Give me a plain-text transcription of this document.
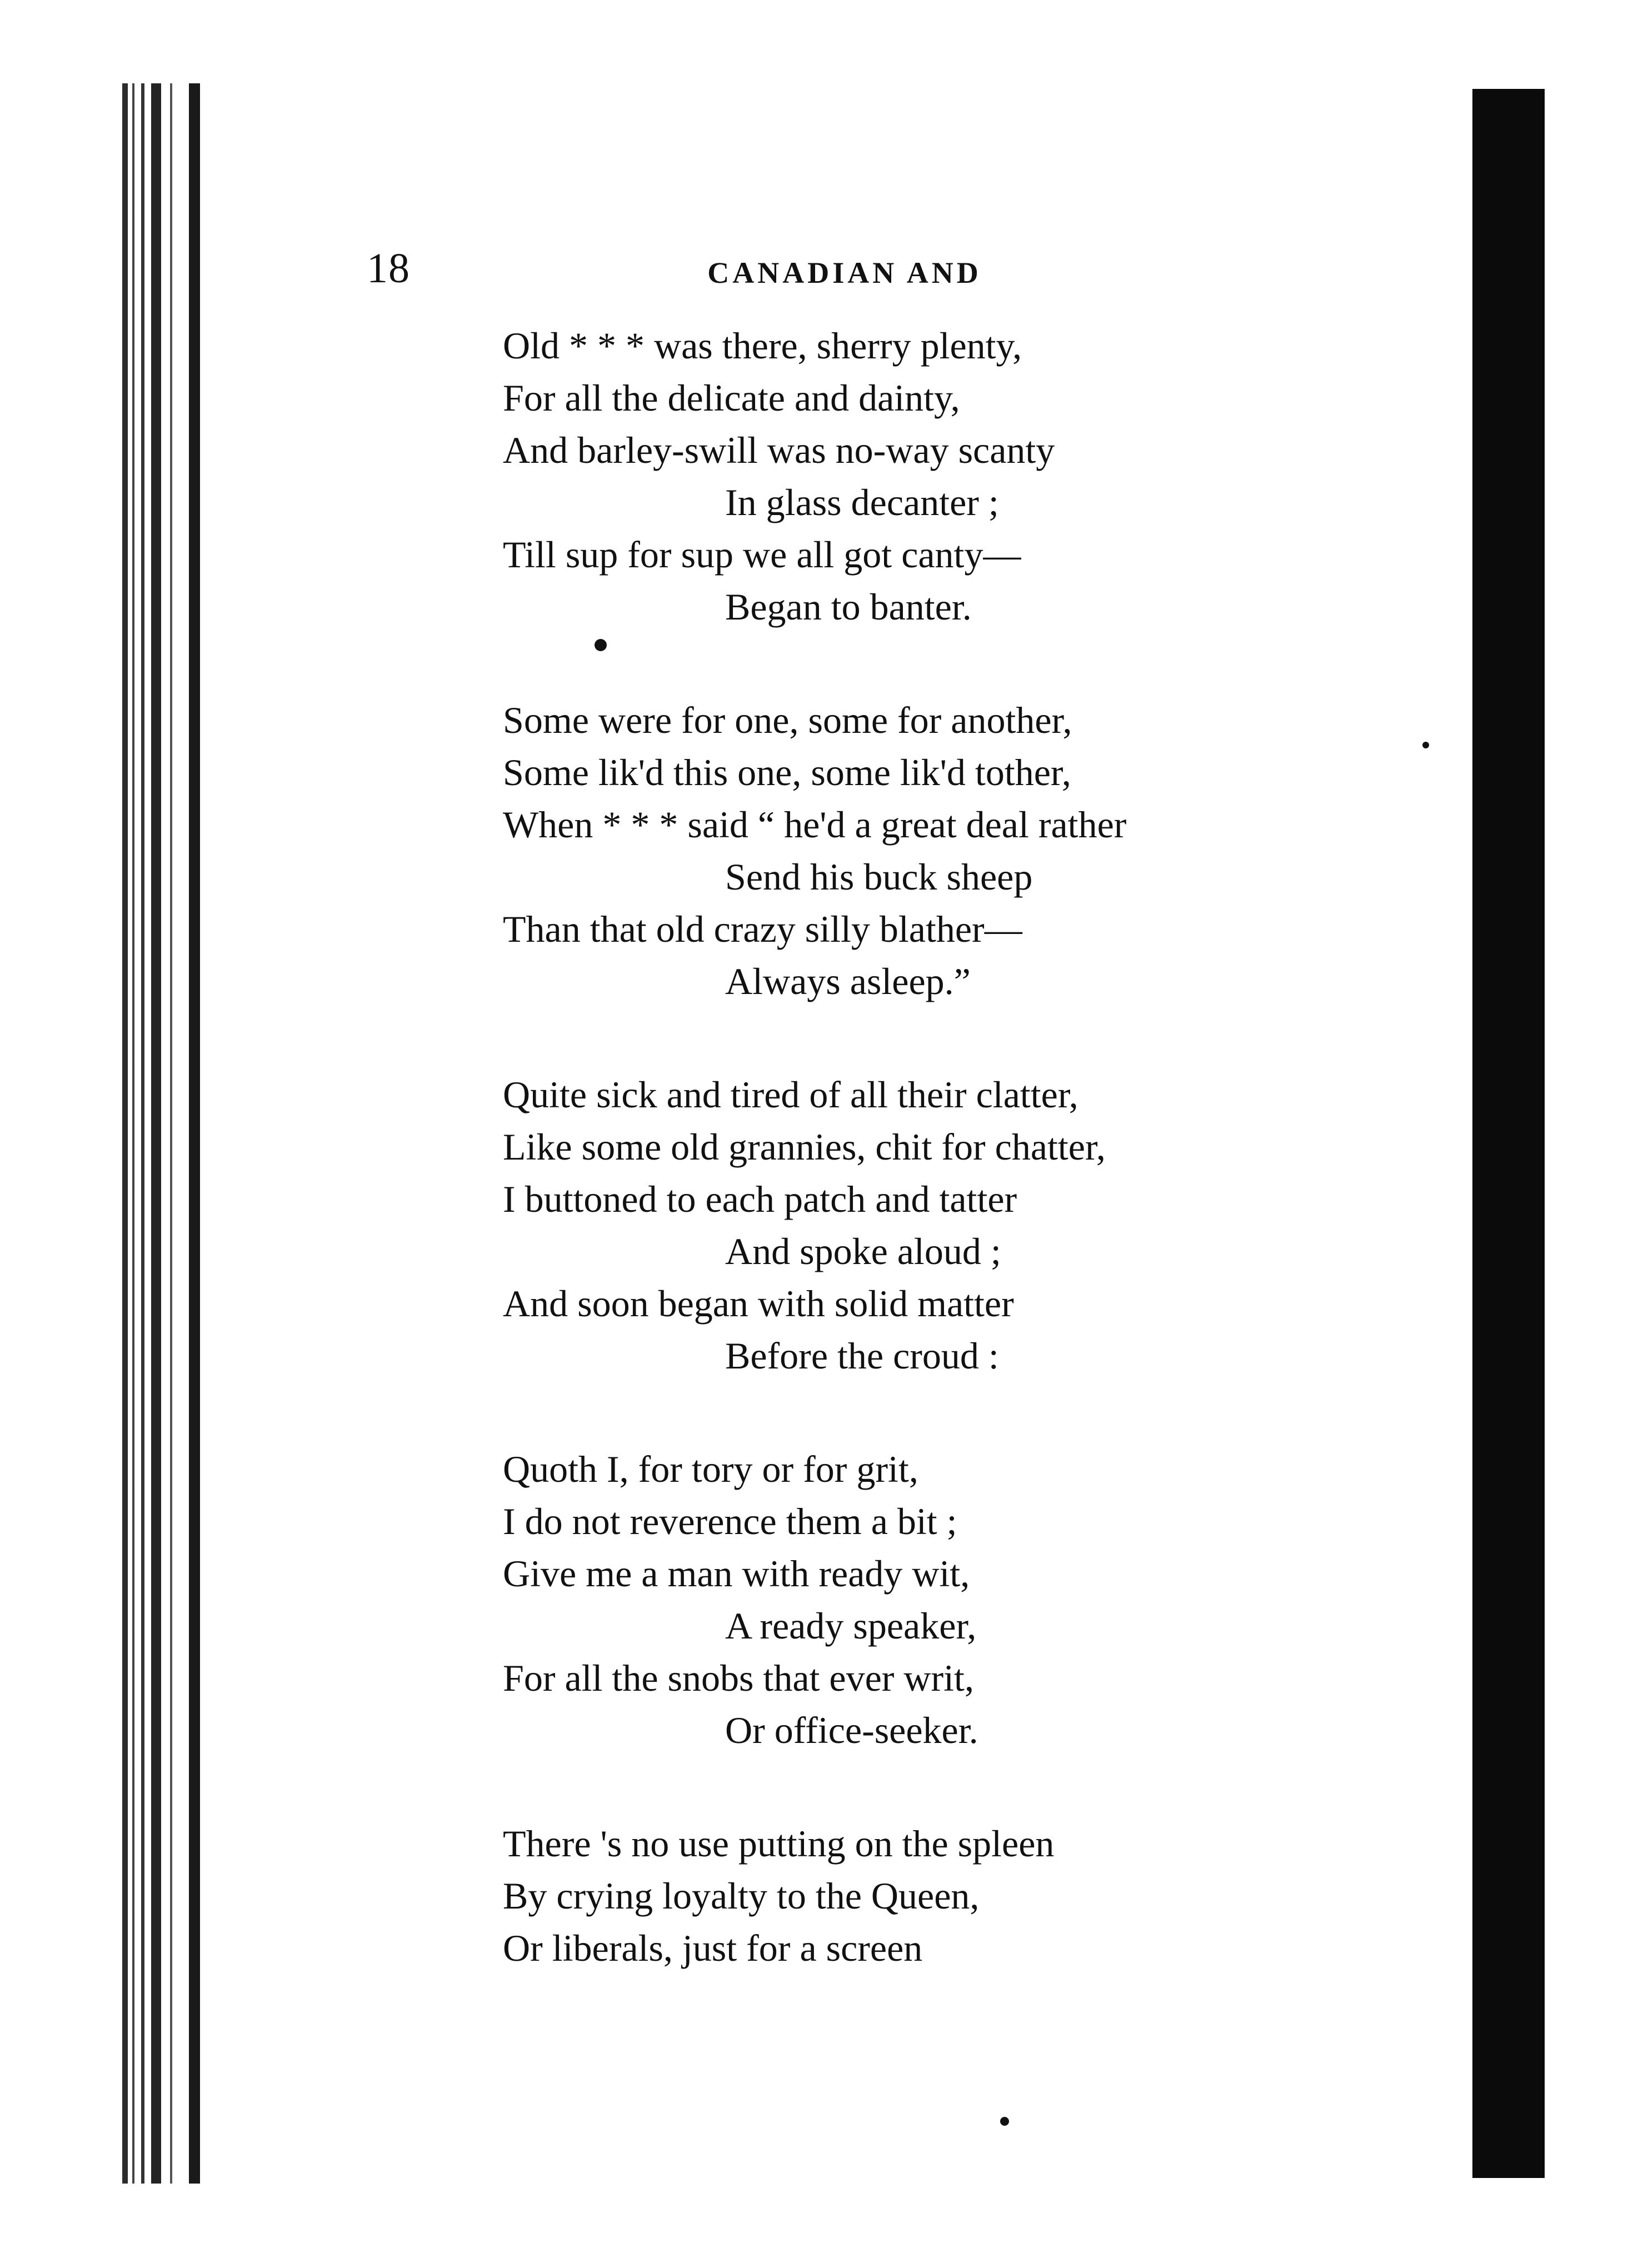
18	CANADIAN AND
Old * * * was there, sherry plenty,
For all the delicate and dainty,
And barley-swill was no-way scanty
In glass decanter ;
Till sup for sup we all got canty—
Began to banter.
Some were for one, some for another,
Some lik'd this one, some lik'd tother,
When * * * said “ he'd a great deal rather
Send his buck sheep
Than that old crazy silly blather—
Always asleep.”
Quite sick and tired of all their clatter,
Like some old grannies, chit for chatter,
I buttoned to each patch and tatter
And spoke aloud ;
And soon began with solid matter
Before the croud :
Quoth I, for tory or for grit,
I do not reverence them a bit ;
Give me a man with ready wit,
A ready speaker,
For all the snobs that ever writ,
Or office-seeker.
There 's no use putting on the spleen
By crying loyalty to the Queen,
Or liberals, just for a screen
